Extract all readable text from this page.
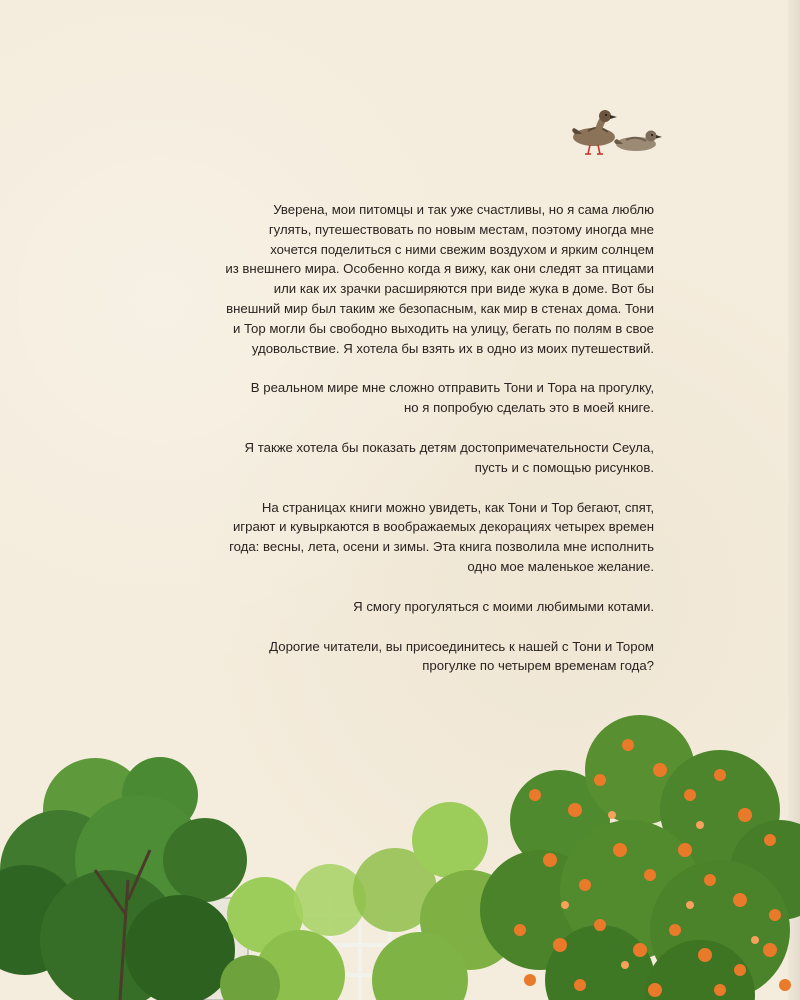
Уверена, мои питомцы и так уже счастливы, но я сама люблю
гулять, путешествовать по новым местам, поэтому иногда мне
хочется поделиться с ними свежим воздухом и ярким солнцем
из внешнего мира. Особенно когда я вижу, как они следят за птицами
или как их зрачки расширяются при виде жука в доме. Вот бы
внешний мир был таким же безопасным, как мир в стенах дома. Тони
и Тор могли бы свободно выходить на улицу, бегать по полям в свое
удовольствие. Я хотела бы взять их в одно из моих путешествий.

В реальном мире мне сложно отправить Тони и Тора на прогулку,
но я попробую сделать это в моей книге.

Я также хотела бы показать детям достопримечательности Сеула,
пусть и с помощью рисунков.

На страницах книги можно увидеть, как Тони и Тор бегают, спят,
играют и кувыркаются в воображаемых декорациях четырех времен
года: весны, лета, осени и зимы. Эта книга позволила мне исполнить
одно мое маленькое желание.

Я смогу прогуляться с моими любимыми котами.

Дорогие читатели, вы присоединитесь к нашей с Тони и Тором
прогулке по четырем временам года?
